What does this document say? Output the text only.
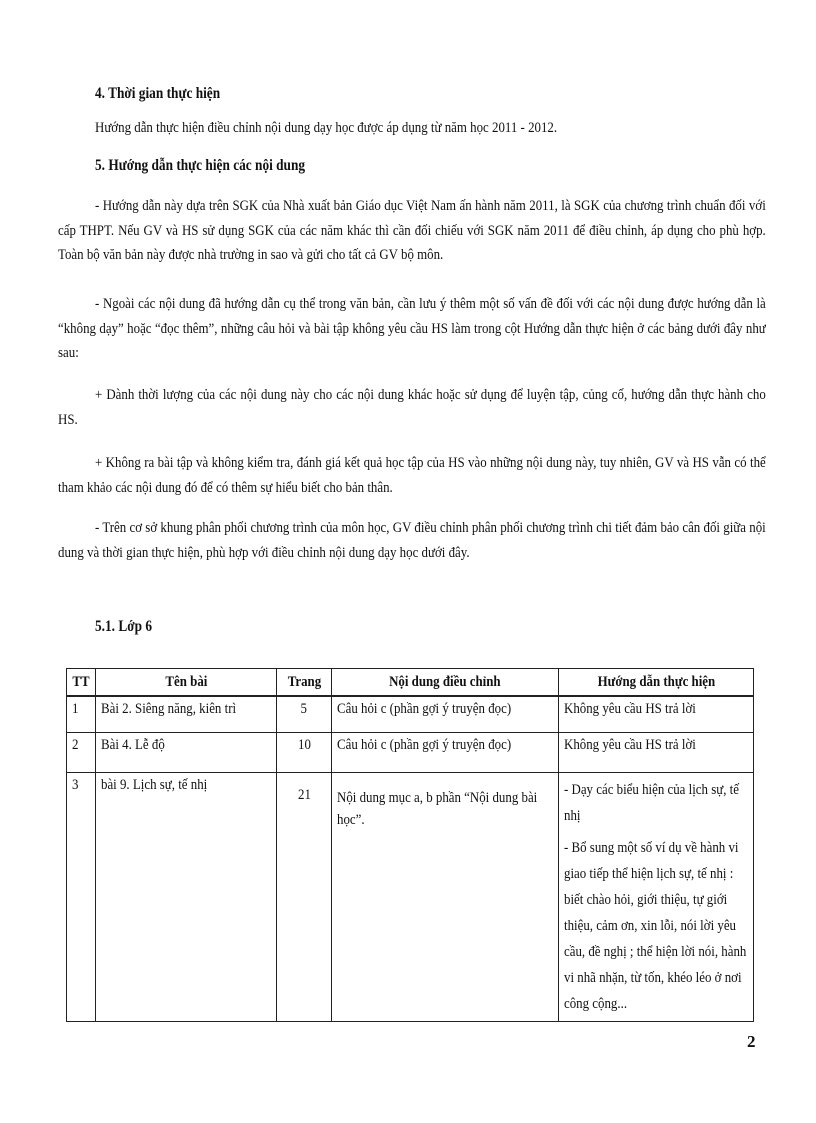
4. Thời gian thực hiện
Hướng dẫn thực hiện điều chỉnh nội dung dạy học được áp dụng từ năm học 2011 - 2012.
5. Hướng dẫn thực hiện các nội dung
- Hướng dẫn này dựa trên SGK của Nhà xuất bản Giáo dục Việt Nam ấn hành năm 2011, là SGK của chương trình chuẩn đối với cấp THPT. Nếu GV và HS sử dụng SGK của các năm khác thì cần đối chiếu với SGK năm 2011 để điều chỉnh, áp dụng cho phù hợp. Toàn bộ văn bản này được nhà trường in sao và gửi cho tất cả GV bộ môn.
- Ngoài các nội dung đã hướng dẫn cụ thể trong văn bản, cần lưu ý thêm một số vấn đề đối với các nội dung được hướng dẫn là “không dạy” hoặc “đọc thêm”, những câu hỏi và bài tập không yêu cầu HS làm trong cột Hướng dẫn thực hiện ở các bảng dưới đây như sau:
+ Dành thời lượng của các nội dung này cho các nội dung khác hoặc sử dụng để luyện tập, củng cố, hướng dẫn thực hành cho HS.
+ Không ra bài tập và không kiểm tra, đánh giá kết quả học tập của HS vào những nội dung này, tuy nhiên, GV và HS vẫn có thể tham khảo các nội dung đó để có thêm sự hiểu biết cho bản thân.
- Trên cơ sở khung phân phối chương trình của môn học, GV điều chỉnh phân phối chương trình chi tiết đảm bảo cân đối giữa nội dung và thời gian thực hiện, phù hợp với điều chỉnh nội dung dạy học dưới đây.
5.1. Lớp 6
TT	Tên bài	Trang	Nội dung điều chỉnh	Hướng dẫn thực hiện
1	Bài 2. Siêng năng, kiên trì	5	Câu hỏi c (phần gợi ý truyện đọc)	Không yêu cầu HS trả lời
2	Bài 4. Lễ độ	10	Câu hỏi c (phần gợi ý truyện đọc)	Không yêu cầu HS trả lời
3	bài 9. Lịch sự, tế nhị	21	Nội dung mục a, b phần “Nội dung bài học”.	- Dạy các biểu hiện của lịch sự, tế nhị

- Bổ sung một số ví dụ về hành vi giao tiếp thể hiện lịch sự, tế nhị : biết chào hỏi, giới thiệu, tự giới thiệu, cảm ơn, xin lỗi, nói lời yêu cầu, đề nghị ; thể hiện lời nói, hành vi nhã nhặn, từ tốn, khéo léo ở nơi công cộng...

2
